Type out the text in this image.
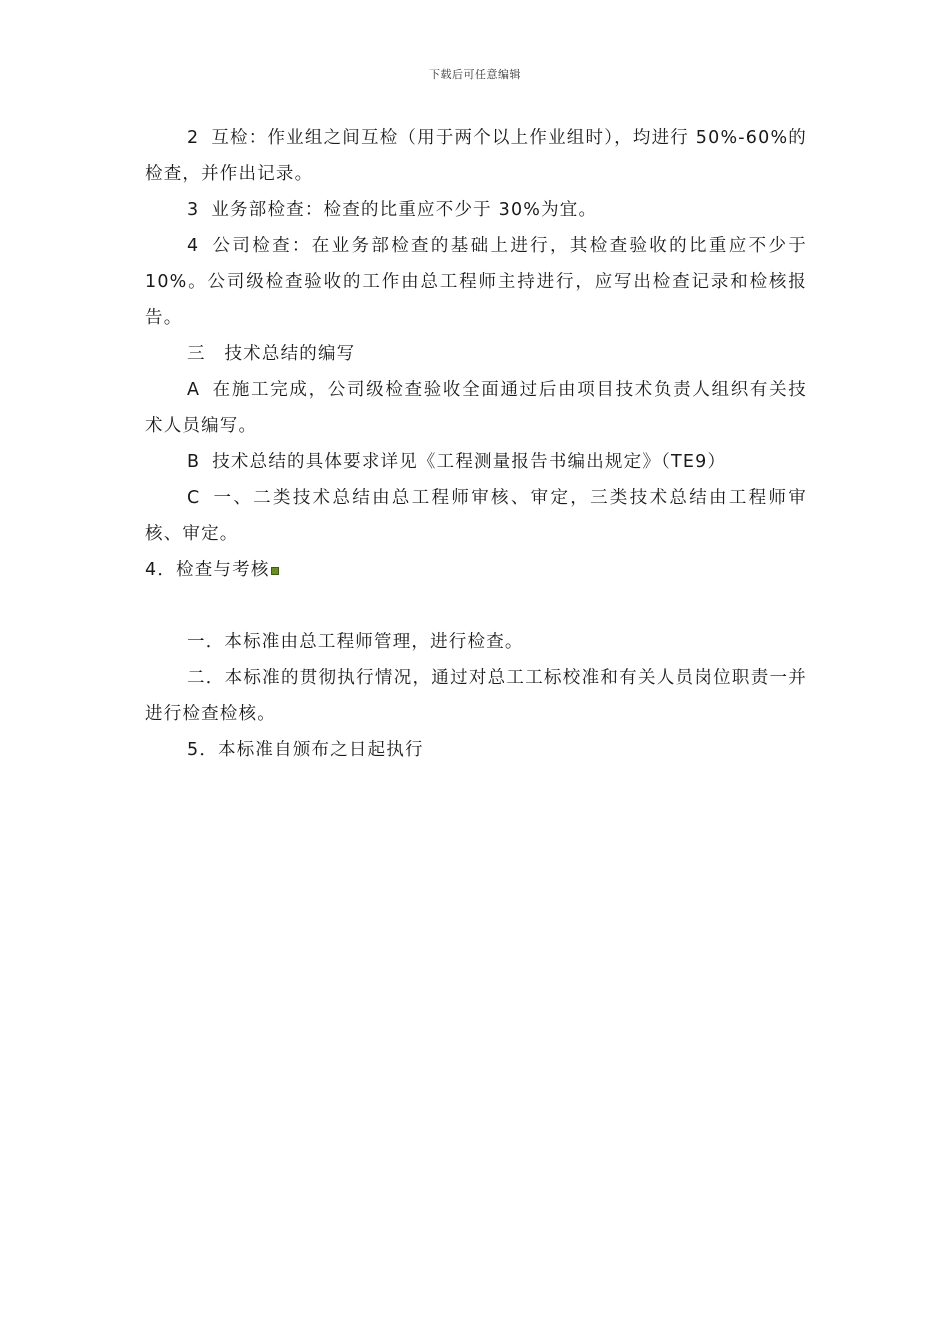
下载后可任意编辑

2 互检：作业组之间互检（用于两个以上作业组时），均进行 50%-60%的检查，并作出记录。

3 业务部检查：检查的比重应不少于 30%为宜。

4 公司检查：在业务部检查的基础上进行，其检查验收的比重应不少于 10%。公司级检查验收的工作由总工程师主持进行，应写出检查记录和检核报告。

三 技术总结的编写

A 在施工完成，公司级检查验收全面通过后由项目技术负责人组织有关技术人员编写。

B 技术总结的具体要求详见《工程测量报告书编出规定》（TE9）

C 一、二类技术总结由总工程师审核、审定，三类技术总结由工程师审核、审定。

4．检查与考核

一．本标准由总工程师管理，进行检查。

二．本标准的贯彻执行情况，通过对总工工标校准和有关人员岗位职责一并进行检查检核。

5．本标准自颁布之日起执行
